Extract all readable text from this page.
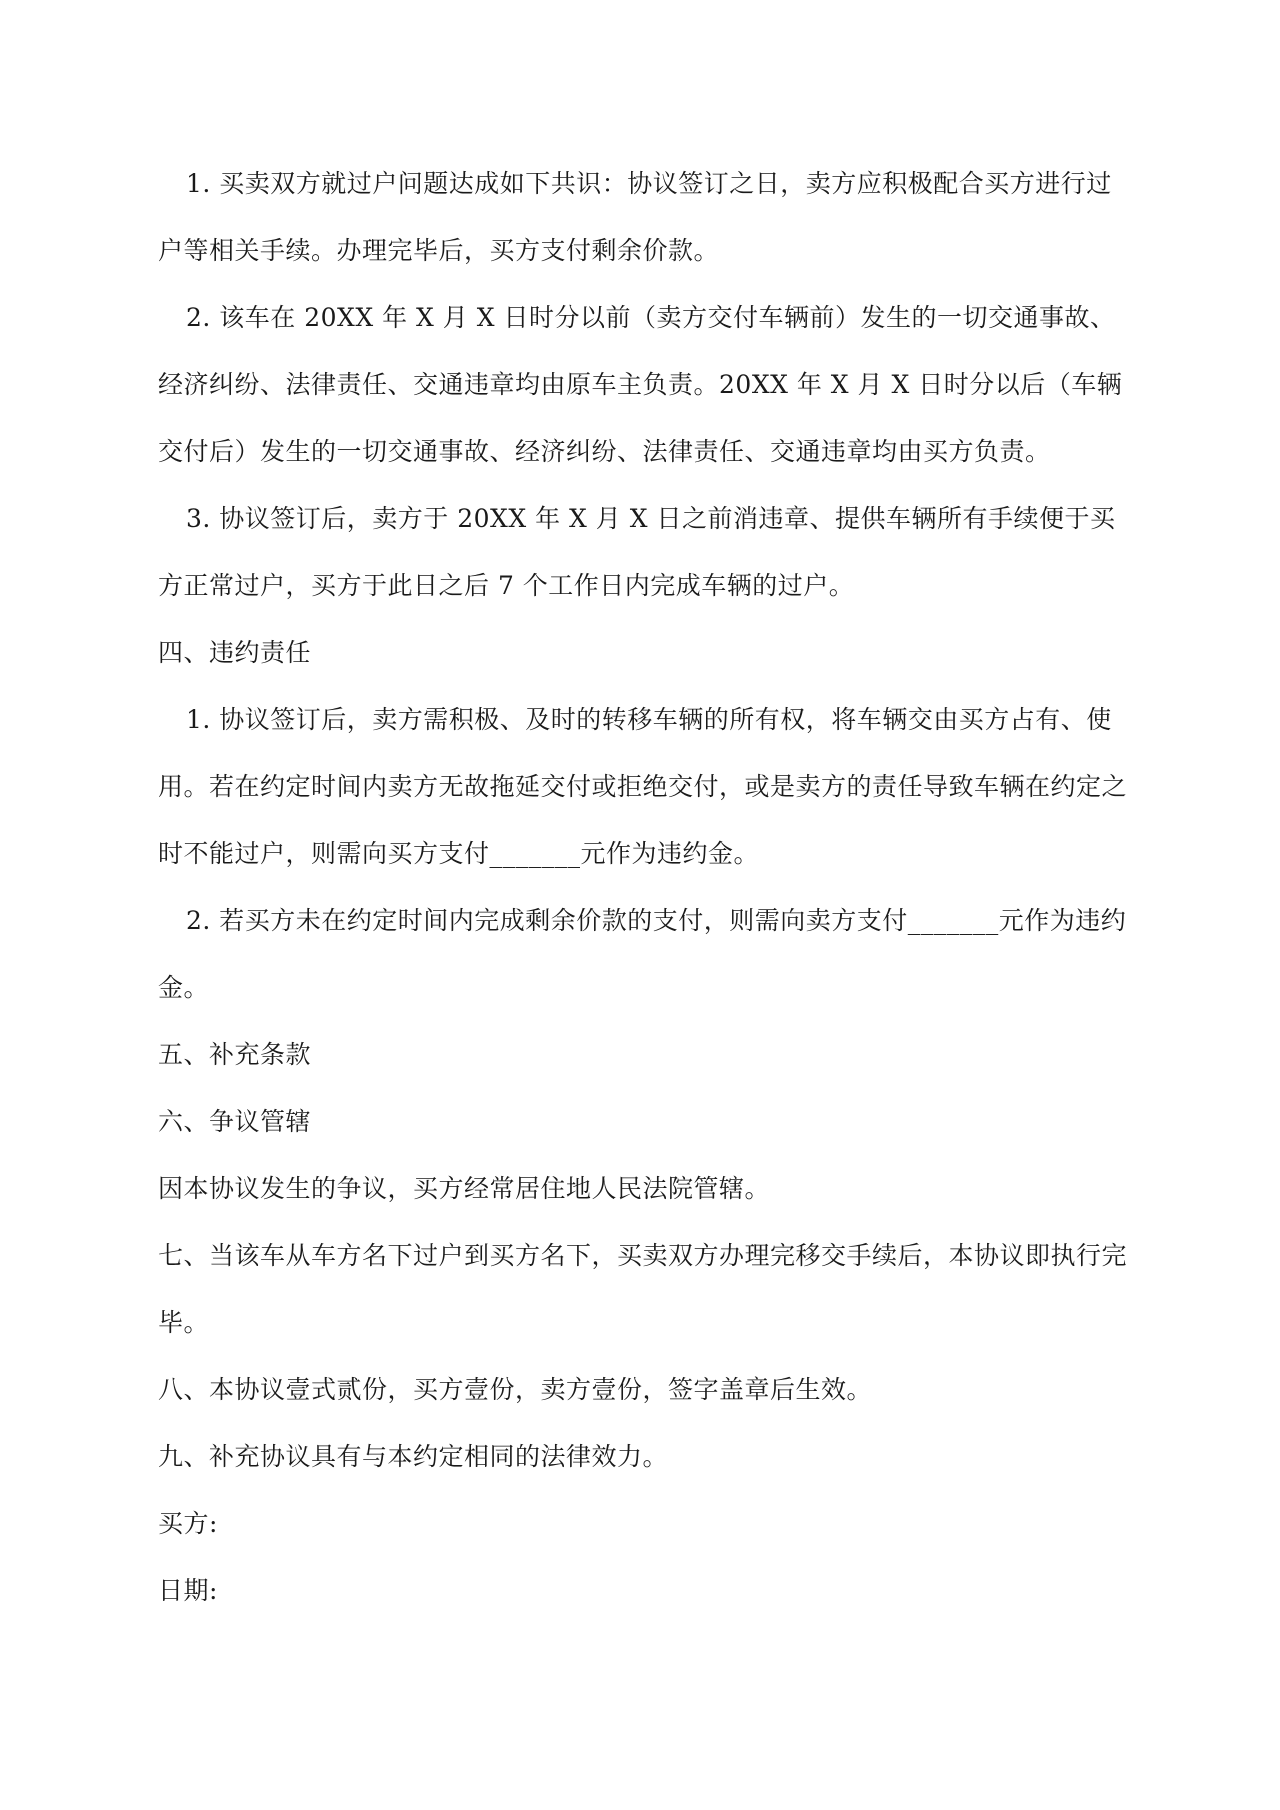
1. 买卖双方就过户问题达成如下共识：协议签订之日，卖方应积极配合买方进行过户等相关手续。办理完毕后，买方支付剩余价款。

2. 该车在 20XX 年 X 月 X 日时分以前（卖方交付车辆前）发生的一切交通事故、经济纠纷、法律责任、交通违章均由原车主负责。20XX 年 X 月 X 日时分以后（车辆交付后）发生的一切交通事故、经济纠纷、法律责任、交通违章均由买方负责。

3. 协议签订后，卖方于 20XX 年 X 月 X 日之前消违章、提供车辆所有手续便于买方正常过户，买方于此日之后 7 个工作日内完成车辆的过户。

四、违约责任

1. 协议签订后，卖方需积极、及时的转移车辆的所有权，将车辆交由买方占有、使用。若在约定时间内卖方无故拖延交付或拒绝交付，或是卖方的责任导致车辆在约定之时不能过户，则需向买方支付_______元作为违约金。

2. 若买方未在约定时间内完成剩余价款的支付，则需向卖方支付_______元作为违约金。

五、补充条款

六、争议管辖

因本协议发生的争议，买方经常居住地人民法院管辖。

七、当该车从车方名下过户到买方名下，买卖双方办理完移交手续后，本协议即执行完毕。

八、本协议壹式贰份，买方壹份，卖方壹份，签字盖章后生效。

九、补充协议具有与本约定相同的法律效力。

买方:

日期:
